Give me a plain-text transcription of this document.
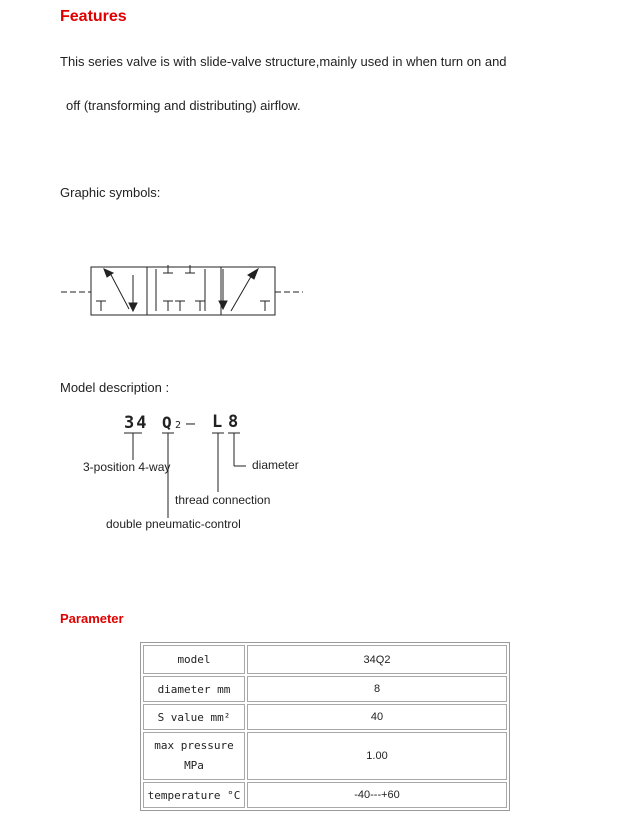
Features
This series valve is with slide-valve structure,mainly used in when turn on and
off (transforming and distributing) airflow.
Graphic symbols:
Model description :
34 Q 2 — L 8
3-position 4-way	diameter
thread connection
double pneumatic-control
Parameter
model	34Q2
diameter mm	8
S value mm²	40

max pressure
MPa	1.00
temperature °C	-40---+60
